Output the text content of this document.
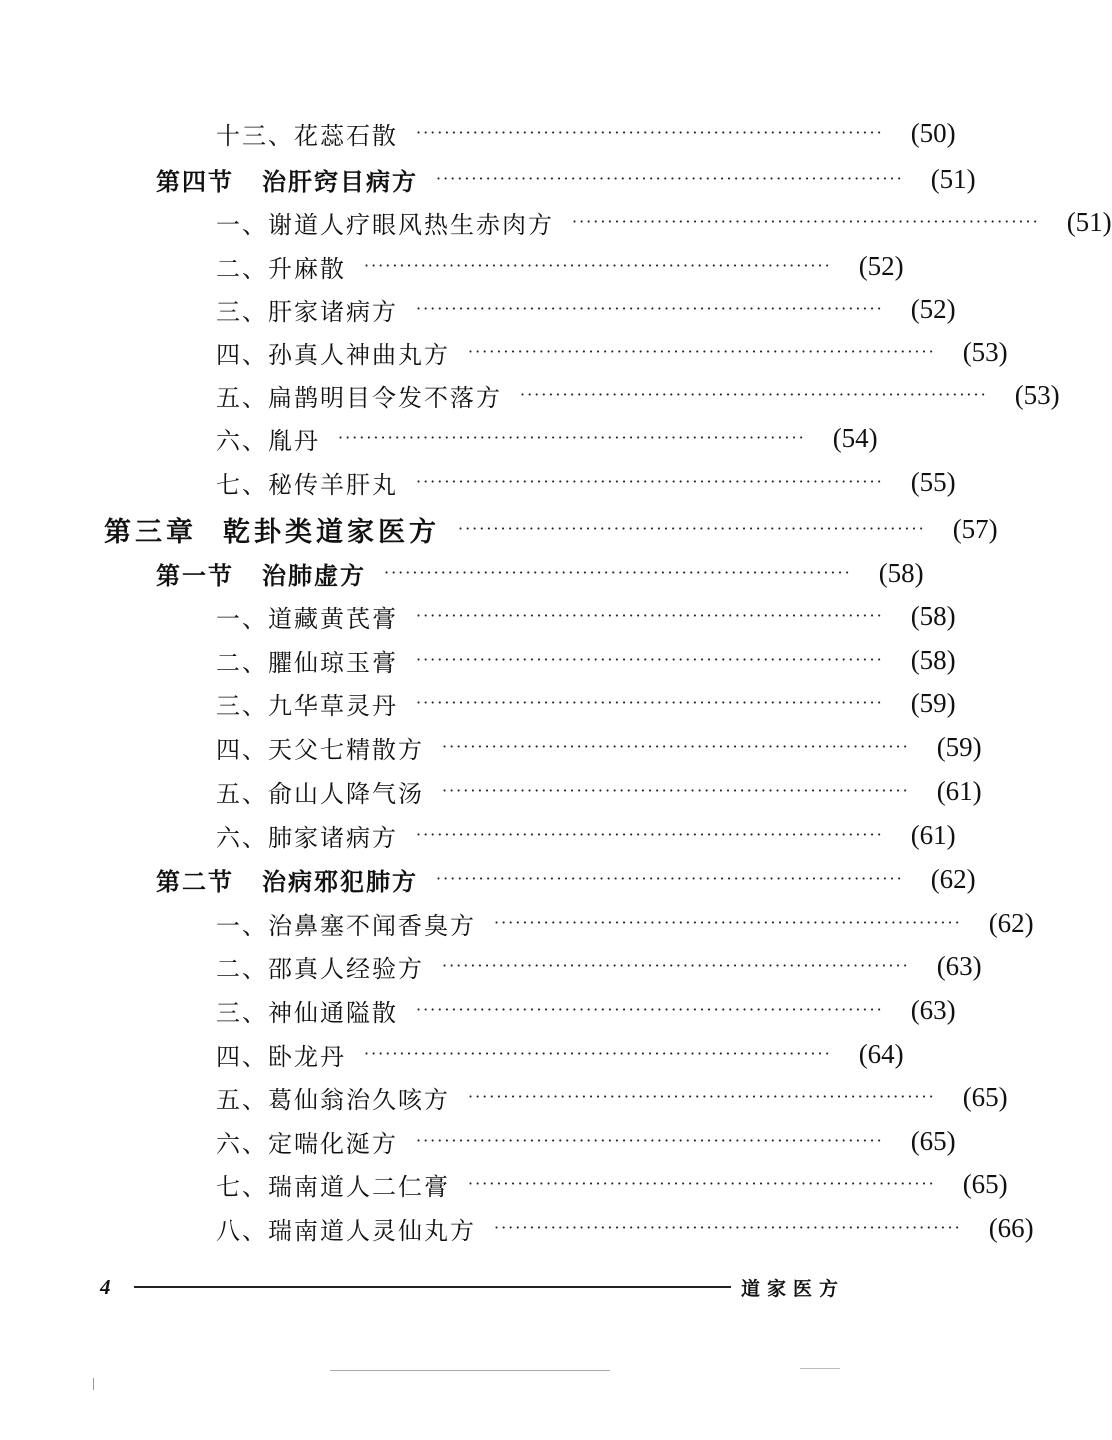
十三、花蕊石散 ··································································	(50)
第四节 治肝窍目病方 ··································································	(51)
一、谢道人疗眼风热生赤肉方 ··································································	(51)
二、升麻散 ··································································	(52)
三、肝家诸病方 ··································································	(52)
四、孙真人神曲丸方 ··································································	(53)
五、扁鹊明目令发不落方 ··································································	(53)
六、胤丹 ··································································	(54)
七、秘传羊肝丸 ··································································	(55)
第三章 乾卦类道家医方 ··································································	(57)
第一节 治肺虚方 ··································································	(58)
一、道藏黄芪膏 ··································································	(58)
二、臞仙琼玉膏 ··································································	(58)
三、九华草灵丹 ··································································	(59)
四、天父七精散方 ··································································	(59)
五、俞山人降气汤 ··································································	(61)
六、肺家诸病方 ··································································	(61)
第二节 治病邪犯肺方 ··································································	(62)
一、治鼻塞不闻香臭方 ··································································	(62)
二、邵真人经验方 ··································································	(63)
三、神仙通隘散 ··································································	(63)
四、卧龙丹 ··································································	(64)
五、葛仙翁治久咳方 ··································································	(65)
六、定喘化涎方 ··································································	(65)
七、瑞南道人二仁膏 ··································································	(65)
八、瑞南道人灵仙丸方 ··································································	(66)
4	道家医方
